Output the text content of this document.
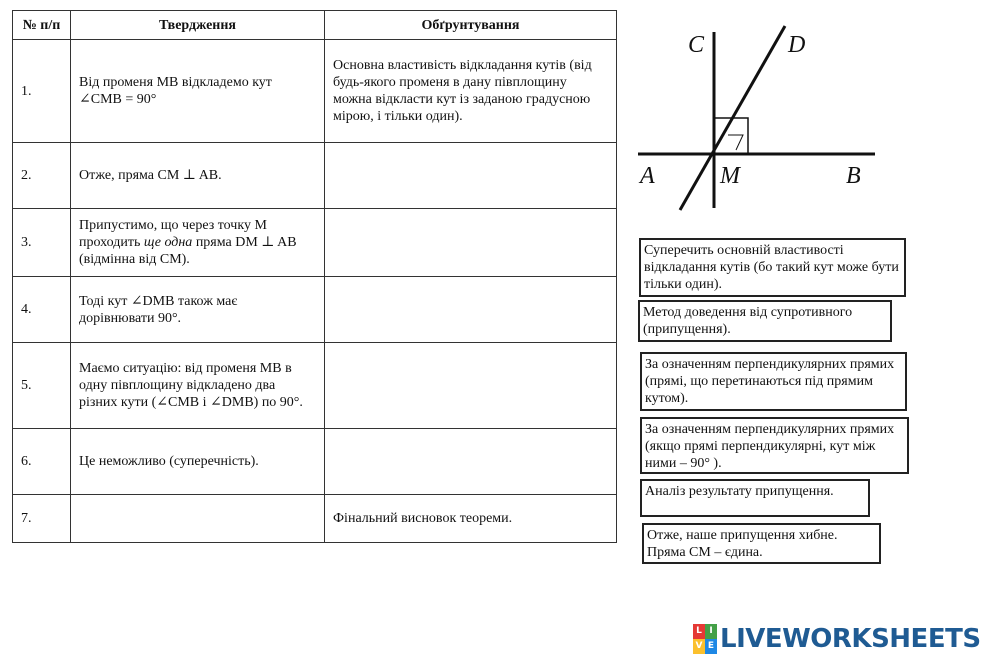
№ п/п	Твердження	Обґрунтування
1.	Від променя MB відкладемо кут ∠CMB = 90°	Основна властивість відкладання кутів (від будь-якого променя в дану півплощину можна відкласти кут із заданою градусною мірою, і тільки один).
2.	Отже, пряма CM ⊥ AB.	
3.	Припустимо, що через точку M проходить ще одна пряма DM ⊥ AB (відмінна від CM).	
4.	Тоді кут ∠DMB також має дорівнювати 90°.	
5.	Маємо ситуацію: від променя MB в одну півплощину відкладено два різних кути (∠CMB і ∠DMB) по 90°.	
6.	Це неможливо (суперечність).	
7.		Фінальний висновок теореми.
C	D
A	M	B
Суперечить основній властивості відкладання кутів (бо такий кут може бути тільки один).
Метод доведення від супротивного (припущення).
За означенням перпендикулярних прямих (прямі, що перетинаються під прямим кутом).
За означенням перпендикулярних прямих (якщо прямі перпендикулярні, кут між ними – 90° ).
Аналіз результату припущення.
Отже, наше припущення хибне. Пряма CM – єдина.
L I
V E LIVEWORKSHEETS
